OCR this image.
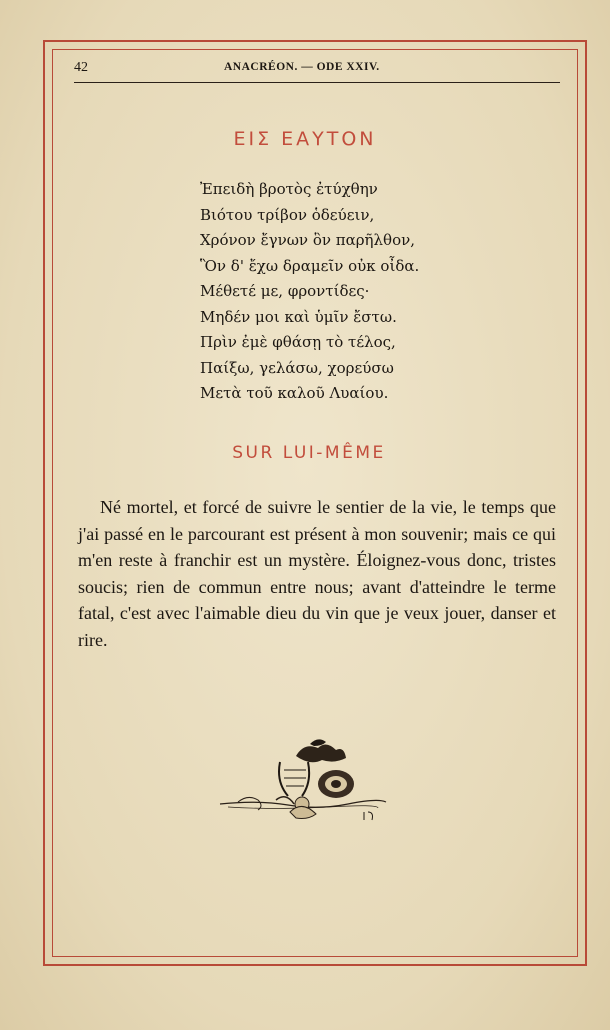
42	ANACRÉON. — ODE XXIV.
ΕΙΣ ΕΑΥΤΟΝ
Ἐπειδὴ βροτὸς ἐτύχθην
Βιότου τρίβον ὁδεύειν,
Χρόνον ἔγνων ὃν παρῆλθον,
Ὃν δ' ἔχω δραμεῖν οὐκ οἶδα.
Μέθετέ με, φροντίδες·
Μηδέν μοι καὶ ὑμῖν ἔστω.
Πρὶν ἐμὲ φθάσῃ τὸ τέλος,
Παίξω, γελάσω, χορεύσω
Μετὰ τοῦ καλοῦ Λυαίου.
SUR LUI-MÊME

Né mortel, et forcé de suivre le sentier de la vie, le temps que j'ai passé en le parcourant est présent à mon souvenir; mais ce qui m'en reste à franchir est un mystère. Éloignez-vous donc, tristes soucis; rien de commun entre nous; avant d'atteindre le terme fatal, c'est avec l'aimable dieu du vin que je veux jouer, danser et rire.
